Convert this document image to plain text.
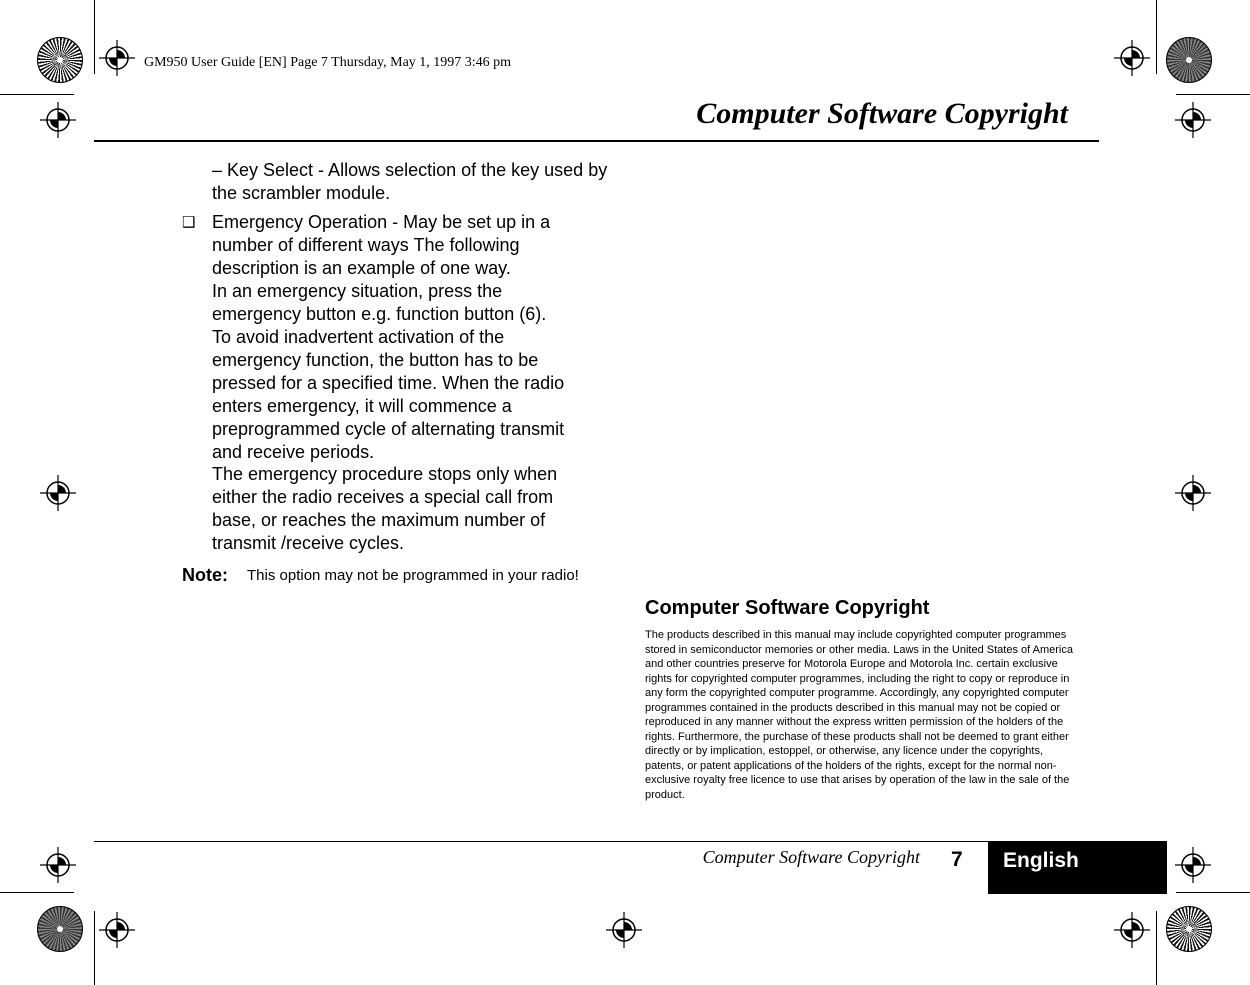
GM950 User Guide [EN] Page 7 Thursday, May 1, 1997 3:46 pm
Computer Software Copyright
– Key Select - Allows selection of the key used by the scrambler module.
❑ Emergency Operation - May be set up in a number of different ways The following description is an example of one way.
In an emergency situation, press the emergency button e.g. function button (6).
To avoid inadvertent activation of the emergency function, the button has to be pressed for a specified time. When the radio enters emergency, it will commence a preprogrammed cycle of alternating transmit and receive periods.
The emergency procedure stops only when either the radio receives a special call from base, or reaches the maximum number of transmit /receive cycles.
Note: This option may not be programmed in your radio!
Computer Software Copyright
The products described in this manual may include copyrighted computer programmes stored in semiconductor memories or other media. Laws in the United States of America and other countries preserve for Motorola Europe and Motorola Inc. certain exclusive rights for copyrighted computer programmes, including the right to copy or reproduce in any form the copyrighted computer programme. Accordingly, any copyrighted computer programmes contained in the products described in this manual may not be copied or reproduced in any manner without the express written permission of the holders of the rights. Furthermore, the purchase of these products shall not be deemed to grant either directly or by implication, estoppel, or otherwise, any licence under the copyrights, patents, or patent applications of the holders of the rights, except for the normal non-exclusive royalty free licence to use that arises by operation of the law in the sale of the product.
Computer Software Copyright 7 English
